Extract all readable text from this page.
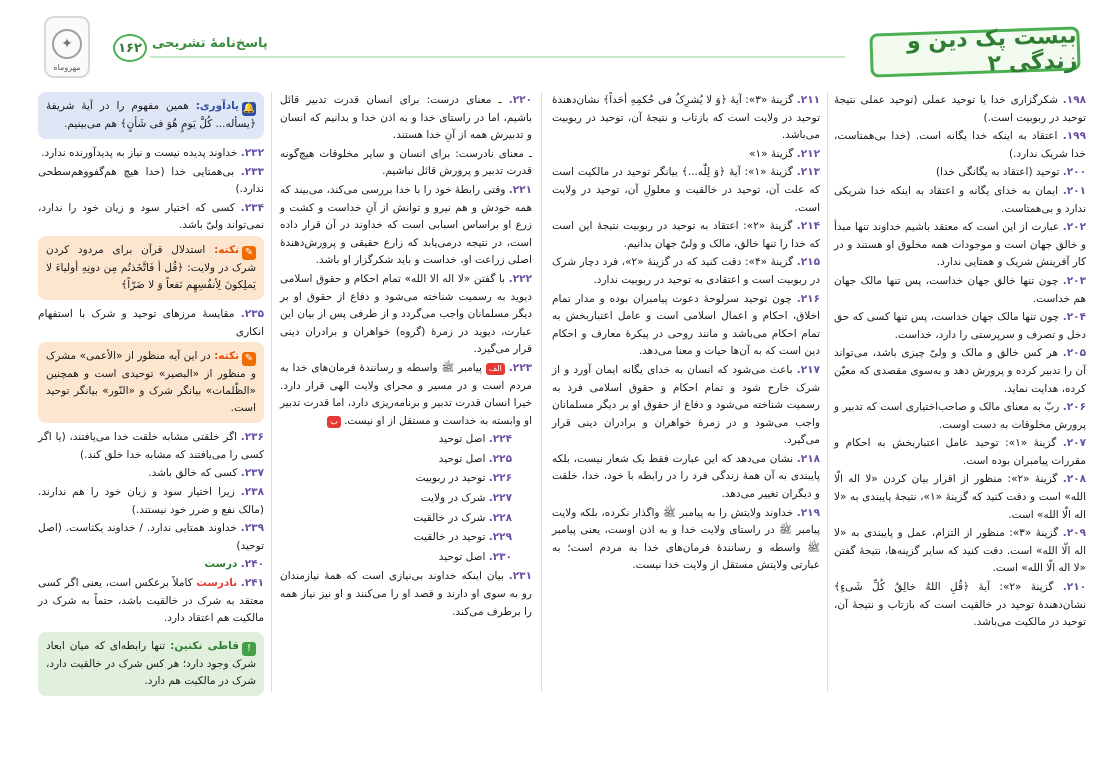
بیست پک دین و زندگی ۲
پاسخ‌نامهٔ تشریحی
۱۶۲
✦
مهروماه

۱۹۸. شکرگزاری خدا یا توحید عملی (توحید عملی نتیجهٔ توحید در ربوبیت است.)

۱۹۹. اعتقاد به اینکه خدا یگانه است. (خدا بی‌همتاست، خدا شریک ندارد.)

۲۰۰. توحید (اعتقاد به یگانگی خدا)

۲۰۱. ایمان به خدای یگانه و اعتقاد به اینکه خدا شریکی ندارد و بی‌همتاست.

۲۰۲. عبارت از این است که معتقد باشیم خداوند تنها مبدأ و خالق جهان است و موجودات همه مخلوق او هستند و در کار آفرینش شریک و همتایی ندارد.

۲۰۳. چون تنها خالق جهان خداست، پس تنها مالک جهان هم خداست.

۲۰۴. چون تنها مالک جهان خداست، پس تنها کسی که حق دخل و تصرف و سرپرستی را دارد، خداست.

۲۰۵. هر کس خالق و مالک و ولیّ چیزی باشد، می‌تواند آن را تدبیر کرده و پرورش دهد و به‌سوی مقصدی که معیّن کرده، هدایت نماید.

۲۰۶. ربّ به معنای مالک و صاحب‌اختیاری است که تدبیر و پرورش مخلوقات به دست اوست.

۲۰۷. گزینهٔ «۱»: توحید عامل اعتباربخش به احکام و مقررات پیامبران بوده است.

۲۰۸. گزینهٔ «۲»: منظور از اقرار بیان کردن «لا اله الّا الله» است و دقت کنید که گزینهٔ «۱»، نتیجهٔ پایبندی به «لا اله الّا الله» است.

۲۰۹. گزینهٔ «۳»: منظور از التزام، عمل و پایبندی به «لا اله الّا الله» است. دقت کنید که سایر گزینه‌ها، نتیجهٔ گفتن «لا اله الّا الله» است.

۲۱۰. گزینهٔ «۲»: آیهٔ ﴿قُلِ اللهُ خالِقُ کُلِّ شَیءٍ﴾ نشان‌دهندهٔ توحید در خالقیت است که بازتاب و نتیجهٔ آن، توحید در مالکیت می‌باشد.

۲۱۱. گزینهٔ «۳»: آیهٔ ﴿وَ لا یُشرِکُ فی حُکمِهِ أحَداً﴾ نشان‌دهندهٔ توحید در ولایت است که بازتاب و نتیجهٔ آن، توحید در ربوبیت می‌باشد.

۲۱۲. گزینهٔ «۱»

۲۱۳. گزینهٔ «۱»: آیهٔ ﴿وَ لِلّٰه...﴾ بیانگر توحید در مالکیت است که علت آن، توحید در خالقیت و معلولِ آن، توحید در ولایت است.

۲۱۴. گزینهٔ «۲»: اعتقاد به توحید در ربوبیت نتیجهٔ این است که خدا را تنها خالق، مالک و ولیّ جهان بدانیم.

۲۱۵. گزینهٔ «۴»: دقت کنید که در گزینهٔ «۲»، فرد دچار شرک در ربوبیت است و اعتقادی به توحید در ربوبیت ندارد.

۲۱۶. چون توحید سرلوحهٔ دعوت پیامبران بوده و مدار تمام اخلاق، احکام و اعمال اسلامی است و عامل اعتباربخش به تمام احکام می‌باشد و مانند روحی در پیکرهٔ معارف و احکام دین است که به آن‌ها حیات و معنا می‌دهد.

۲۱۷. باعث می‌شود که انسان به خدای یگانه ایمان آورد و از شرک خارج شود و تمام احکام و حقوق اسلامی فرد به رسمیت شناخته می‌شود و دفاع از حقوق او بر دیگر مسلمانان واجب می‌شود و در زمرهٔ خواهران و برادران دینی قرار می‌گیرد.

۲۱۸. نشان می‌دهد که این عبارت فقط یک شعار نیست، بلکه پایبندی به آن همهٔ زندگی فرد را در رابطه با خود، خدا، خلقت و دیگران تغییر می‌دهد.

۲۱۹. خداوند ولایتش را به پیامبر ﷺ واگذار نکرده، بلکه ولایت پیامبر ﷺ در راستای ولایت خدا و به اذن اوست، یعنی پیامبر ﷺ واسطه و رسانندهٔ فرمان‌های خدا به مردم است؛ به عبارتی ولایتش مستقل از ولایت خدا نیست.

۲۲۰. ـ معنای درست: برای انسان قدرت تدبیر قائل باشیم، اما در راستای خدا و به اذن خدا و بدانیم که انسان و تدبیرش همه از آنِ خدا هستند.

ـ معنای نادرست: برای انسان و سایر مخلوقات هیچ‌گونه قدرت تدبیر و پرورش قائل نباشیم.

۲۲۱. وقتی رابطهٔ خود را با خدا بررسی می‌کند، می‌بیند که همه خودش و هم نیرو و توانش از آنِ خداست و کشت و زرع او براساس اسبابی است که خداوند در آن قرار داده است، در نتیجه درمی‌یابد که زارع حقیقی و پرورش‌دهندهٔ اصلی زراعت او، خداست و باید شکرگزار او باشد.

۲۲۲. با گفتن «لا اله الا الله» تمام احکام و حقوق اسلامی دیوید به رسمیت شناخته می‌شود و دفاع از حقوق او بر دیگر مسلمانان واجب می‌گردد و از طرفی پس از بیان این عبارت، دیوید در زمرهٔ (گروه) خواهران و برادران دینی قرار می‌گیرد.

۲۲۳. الف پیامبر ﷺ واسطه و رسانندهٔ فرمان‌های خدا به مردم است و در مسیر و مجرای ولایت الهی قرار دارد. خیرا انسان قدرت تدبیر و برنامه‌ریزی دارد، اما قدرت تدبیر او وابسته به خداست و مستقل از او نیست. ب

۲۲۴. اصل توحید

۲۲۵. اصل توحید

۲۲۶. توحید در ربوبیت

۲۲۷. شرک در ولایت

۲۲۸. شرک در خالقیت

۲۲۹. توحید در خالقیت

۲۳۰. اصل توحید

۲۳۱. بیان اینکه خداوند بی‌نیازی است که همهٔ نیازمندان رو به سوی او دارند و قصد او را می‌کنند و او نیز نیاز همه را برطرف می‌کند.

🔔یادآوری: همین مفهوم را در آیهٔ شریفهٔ ﴿یسأله... کُلَّ یَومٍ هُوَ فی شَأنٍ﴾ هم می‌بینیم.

۲۳۲. خداوند پدیده نیست و نیاز به پدیدآورنده ندارد.

۲۳۳. بی‌همتایی خدا (خدا هیچ هم‌گفووهم‌سطحی ندارد.)

۲۳۴. کسی که اختیار سود و زیان خود را ندارد، نمی‌تواند ولیّ باشد.

✎نکته: استدلال قرآن برای مردود کردن شرک در ولایت: ﴿قُل أ فَاتَّخَذتُم مِن دونِهِ أولیاءَ لا یَملِکونَ لِأنفُسِهِم نَفعاً وَ لا ضَرّاً﴾

۲۳۵. مقایسهٔ مرزهای توحید و شرک با استفهام انکاری

✎نکته: در این آیه منظور از «الأعمی» مشرک و منظور از «البصیر» توحیدی است و همچنین «الظّلمات» بیانگر شرک و «النّور» بیانگر توحید است.

۲۳۶. اگر خلقتی مشابه خلقت خدا می‌یافتند، (یا اگر کسی را می‌یافتند که مشابه خدا خلق کند.)

۲۳۷. کسی که خالق باشد.

۲۳۸. زیرا اختیار سود و زیان خود را هم ندارند. (مالک نفع و ضرر خود نیستند.)

۲۳۹. خداوند همتایی ندارد. / خداوند یکتاست. (اصل توحید)

۲۴۰. درست

۲۴۱. نادرست کاملاً برعکس است، یعنی اگر کسی معتقد به شرک در خالقیت باشد، حتماً به شرک در مالکیت هم اعتقاد دارد.

!قاطی نکنین: تنها رابطه‌ای که میان ابعاد شرک وجود دارد؛ هر کس شرک در خالقیت دارد، شرک در مالکیت هم دارد.
